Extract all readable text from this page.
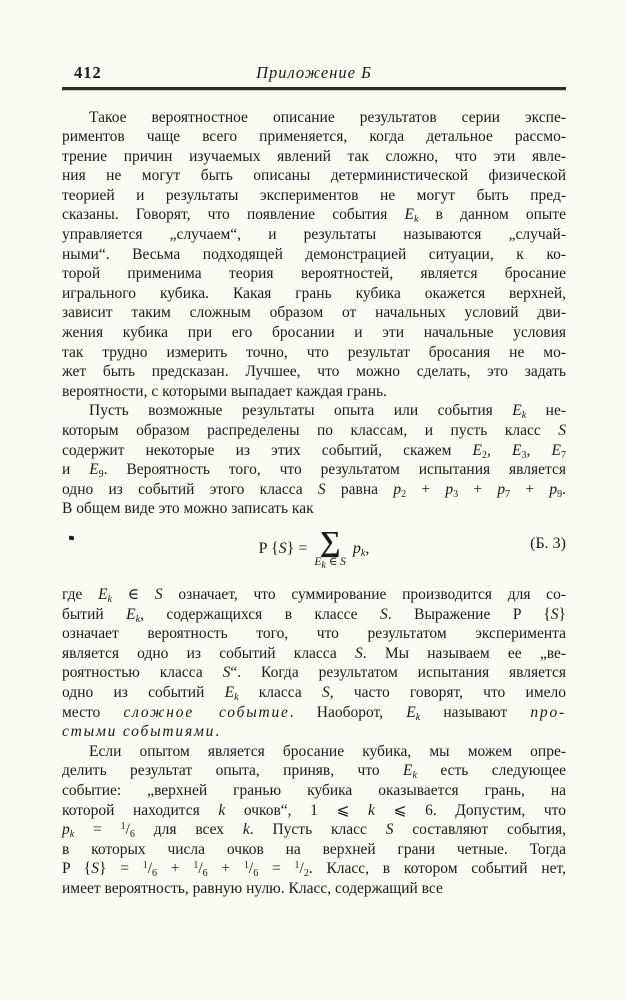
412	Приложение Б
Такое вероятностное описание результатов серии экспе-
риментов чаще всего применяется, когда детальное рассмо-
трение причин изучаемых явлений так сложно, что эти явле-
ния не могут быть описаны детерминистической физической
теорией и результаты экспериментов не могут быть пред-
сказаны. Говорят, что появление события $E_k$ в данном опыте
управляется „случаем“, и результаты называются „случай-
ными“. Весьма подходящей демонстрацией ситуации, к ко-
торой применима теория вероятностей, является бросание
игрального кубика. Какая грань кубика окажется верхней,
зависит таким сложным образом от начальных условий дви-
жения кубика при его бросании и эти начальные условия
так трудно измерить точно, что результат бросания не мо-
жет быть предсказан. Лучшее, что можно сделать, это задать
вероятности, с которыми выпадает каждая грань.
Пусть возможные результаты опыта или события $E_k$ не-
которым образом распределены по классам, и пусть класс S
содержит некоторые из этих событий, скажем $E_2$, $E_3$, $E_7$
и $E_9$. Вероятность того, что результатом испытания является
одно из событий этого класса S равна $p_2 + p_3 + p_7 + p_9$.
В общем виде это можно записать как
P {S} = ∑
$E_k$ ∈ S
$p_k$,	(Б. 3)
где $E_k$ ∈ S означает, что суммирование производится для со-
бытий $E_k$, содержащихся в классе S. Выражение P {S}
означает вероятность того, что результатом эксперимента
является одно из событий класса S. Мы называем ее „ве-
роятностью класса S“. Когда результатом испытания является
одно из событий $E_k$ класса S, часто говорят, что имело
место сложное событие. Наоборот, $E_k$ называют про-
стыми событиями.
Если опытом является бросание кубика, мы можем опре-
делить результат опыта, приняв, что $E_k$ есть следующее
событие: „верхней гранью кубика оказывается грань, на
которой находится k очков“, 1 ⩽ k ⩽ 6. Допустим, что
$p_k = ^1/_6$ для всех k. Пусть класс S составляют события,
в которых числа очков на верхней грани четные. Тогда
P $\{S\} = ^1/_6 + ^1/_6 + ^1/_6 = ^1/_2$. Класс, в котором событий нет,
имеет вероятность, равную нулю. Класс, содержащий все
